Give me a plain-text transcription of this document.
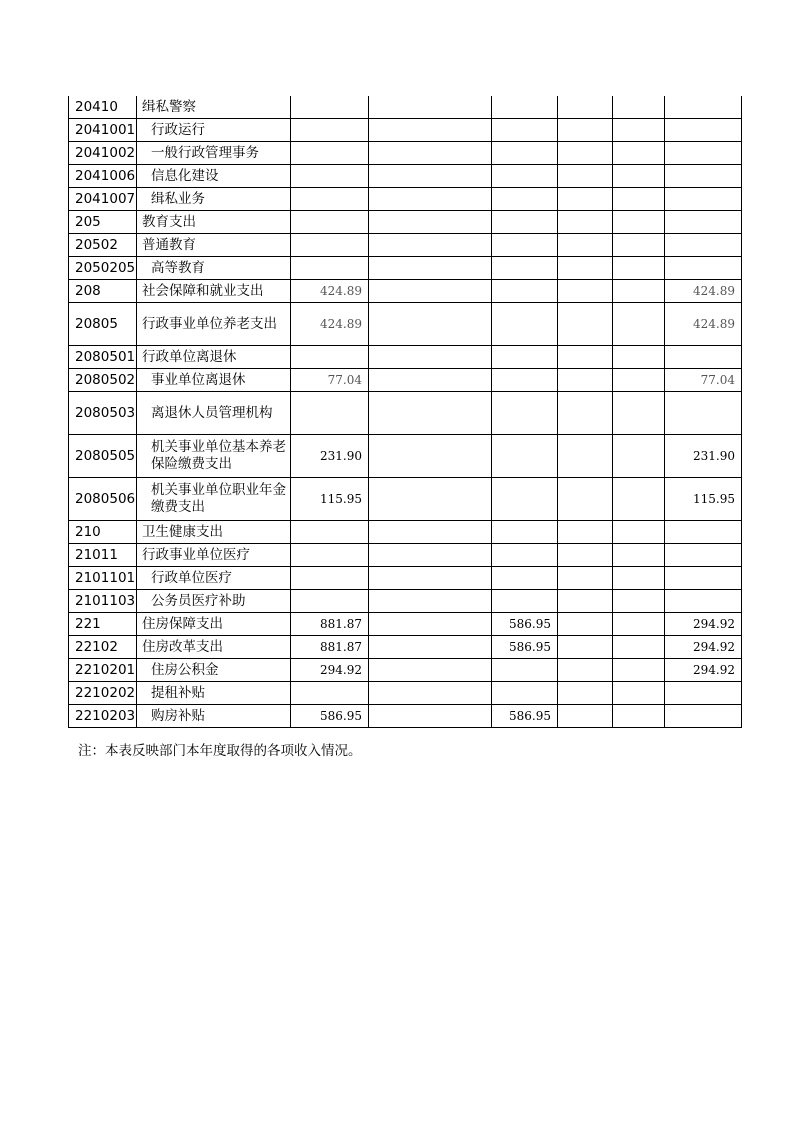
20410	缉私警察						
2041001	行政运行						
2041002	一般行政管理事务						
2041006	信息化建设						
2041007	缉私业务						
205	教育支出						
20502	普通教育						
2050205	高等教育						
208	社会保障和就业支出	424.89					424.89
20805	行政事业单位养老支出	424.89					424.89
2080501	行政单位离退休						
2080502	事业单位离退休	77.04					77.04
2080503	离退休人员管理机构						
2080505	机关事业单位基本养老保险缴费支出	231.90					231.90
2080506	机关事业单位职业年金缴费支出	115.95					115.95
210	卫生健康支出						
21011	行政事业单位医疗						
2101101	行政单位医疗						
2101103	公务员医疗补助						
221	住房保障支出	881.87		586.95			294.92
22102	住房改革支出	881.87		586.95			294.92
2210201	住房公积金	294.92					294.92
2210202	提租补贴						
2210203	购房补贴	586.95		586.95			
注：本表反映部门本年度取得的各项收入情况。
